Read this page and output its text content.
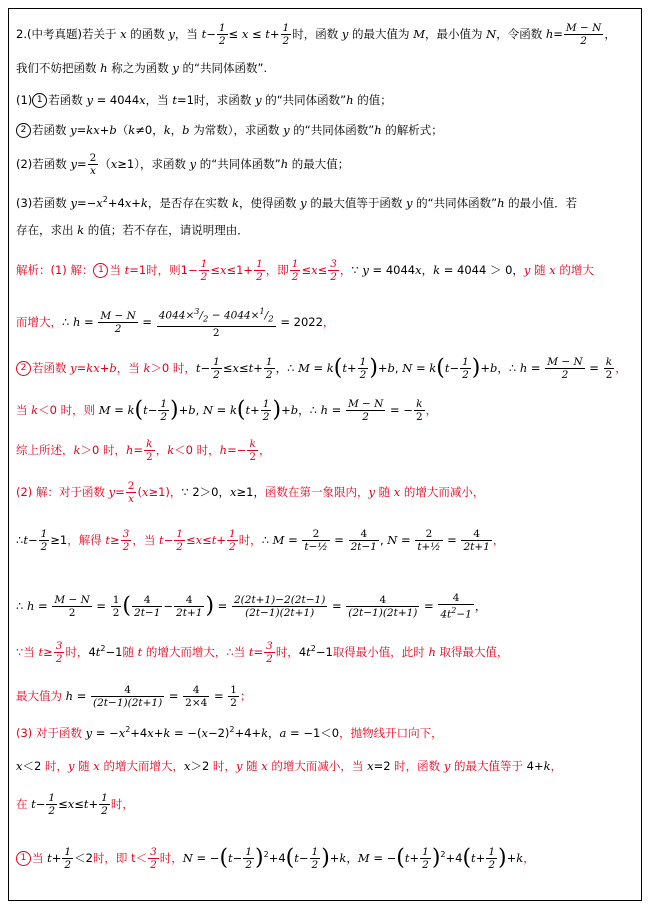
2.(中考真题)若关于 x 的函数 y，当 $t- \frac{1}{2} \le x \le t+ \frac{1}{2}$ 时，函数 y 的最大值为 M，最小值为 N，令函数 $h= \frac{M - N}{2}$ ，
我们不妨把函数 h 称之为函数 y 的“共同体函数”.
(1) 1 若函数 y = 4044x，当 t=1时，求函数 y 的“共同体函数”h 的值；
2 若函数 y=kx+b（k≠0，k，b 为常数），求函数 y 的“共同体函数”h 的解析式；
(2)若函数 $y= \frac{2}{x} (x\ge 1)$，求函数 y 的“共同体函数”h 的最大值；
(3)若函数 $y=-x^2+4x+k$，是否存在实数 k，使得函数 y 的最大值等于函数 y 的“共同体函数”h 的最小值．若
存在，求出 k 的值；若不存在，请说明理由．
解析：(1) 解： 1 当 t=1时，则$1- \frac{1}{2} \le x\le 1+ \frac{1}{2}$ ，即 $\frac{1}{2} \le x\le \frac{3}{2}$ ，∵ y = 4044x，k = 4044 ＞ 0，y 随 x 的增大
而增大，∴ $h = \frac{M - N}{2} = \frac{4044\times^3/_2 - 4044\times^1/_2}{2} = 2022$，
2 若函数 y=kx+b，当 k＞0 时，$t- \frac{1}{2} \le x\le t+ \frac{1}{2}$ ，∴ $M = k(t+ \frac{1}{2} )+b$, $N = k(t- \frac{1}{2} )+b$，∴ $h = \frac{M - N}{2} = \frac{k}{2}$ ，
当 k＜0 时，则 $M = k(t- \frac{1}{2} )+b$, $N = k(t+ \frac{1}{2} )+b$，∴ $h = \frac{M - N}{2}$ = − $\frac{k}{2}$ ，
综上所述，k＞0 时，$h= \frac{k}{2}$ ，k＜0 时，$h=- \frac{k}{2}$ ，
(2) 解：对于函数 $y= \frac{2}{x} (x\ge 1)$，∵ 2＞0，x≥1，函数在第一象限内，y 随 x 的增大而减小，
∴t− $\frac{1}{2} \ge 1$，解得 $t\ge \frac{3}{2}$ ，当 $t- \frac{1}{2} \le x\le t+ \frac{1}{2}$ 时，∴ $M = \frac{2}{\text{t−½}} = \frac{4}{2t-1}$ , $N = \frac{2}{\text{t+½}} = \frac{4}{2t+1}$ ，
∴ $h = \frac{M - N}{2} = \frac{1}{2}$ ( $\frac{4}{2t-1} - \frac{4}{2t+1}$ ) = $\frac{2(2t+1)-2(2t-1)}{(2t-1)(2t+1)} = \frac{4}{(2t-1)(2t+1)} = \frac{4}{4t^2-1}$ ，
∵当 $t\ge \frac{3}{2}$ 时，$4t^2-1$随 t 的增大而增大，∴当 $t= \frac{3}{2}$ 时，$4t^2-1$取得最小值，此时 h 取得最大值，
最大值为 $h = \frac{4}{(2t-1)(2t+1)} = \frac{4}{2\times 4} = \frac{1}{2}$ ；
(3) 对于函数 $y = -x^2+4x+k = -(x-2)^2+4+k$，a = −1＜0，抛物线开口向下，
x＜2 时，y 随 x 的增大而增大，x＞2 时，y 随 x 的增大而减小，当 x=2 时，函数 y 的最大值等于 4+k，
在 $t- \frac{1}{2} \le x\le t+ \frac{1}{2}$ 时，
1 当 $t+ \frac{1}{2} <2$时，即 $t< \frac{3}{2}$ 时，$N = -(t- \frac{1}{2} )^2+4(t- \frac{1}{2} )+k$，$M = -(t+ \frac{1}{2} )^2+4(t+ \frac{1}{2} )+k$，
